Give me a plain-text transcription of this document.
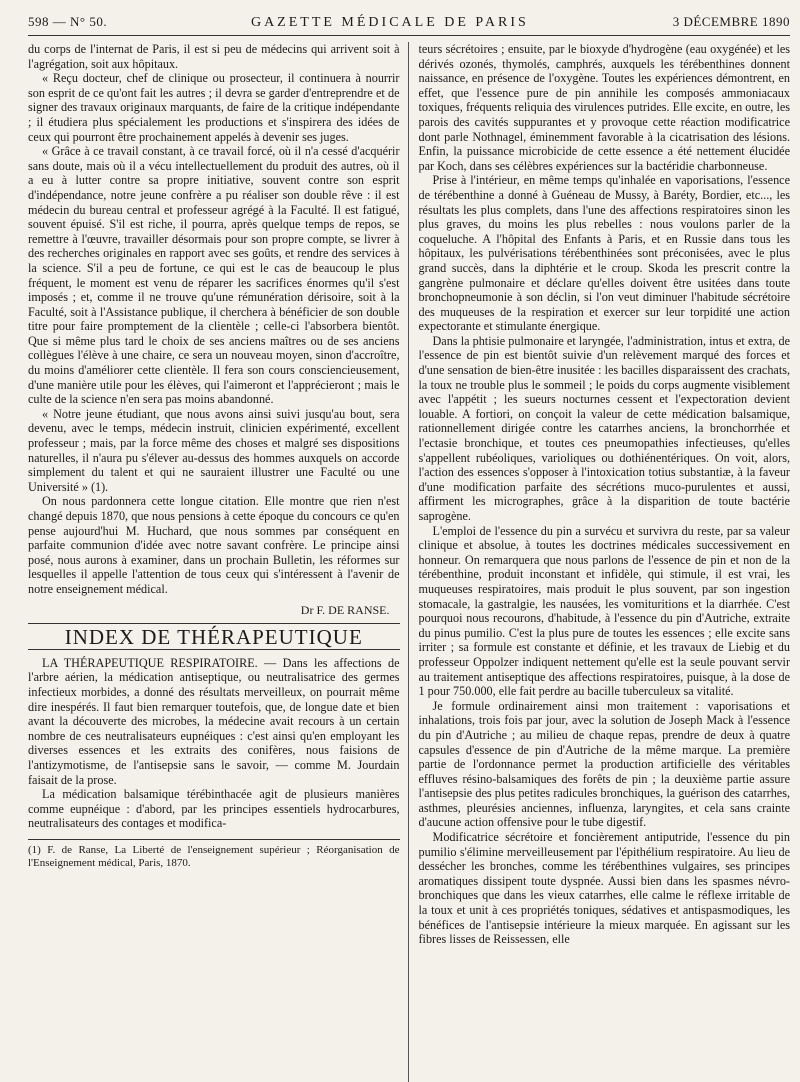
598 — N° 50.	GAZETTE MÉDICALE DE PARIS	3 DÉCEMBRE 1890

du corps de l'internat de Paris, il est si peu de médecins qui arrivent soit à l'agrégation, soit aux hôpitaux.

« Reçu docteur, chef de clinique ou prosecteur, il continuera à nourrir son esprit de ce qu'ont fait les autres ; il devra se garder d'entreprendre et de signer des travaux originaux marquants, de faire de la critique indépendante ; il étudiera plus spécialement les productions et s'inspirera des idées de ceux qui pourront être prochainement appelés à devenir ses juges.

« Grâce à ce travail constant, à ce travail forcé, où il n'a cessé d'acquérir sans doute, mais où il a vécu intellectuellement du produit des autres, où il a eu à lutter contre sa propre initiative, souvent contre son esprit d'indépendance, notre jeune confrère a pu réaliser son double rêve : il est médecin du bureau central et professeur agrégé à la Faculté. Il est fatigué, souvent épuisé. S'il est riche, il pourra, après quelque temps de repos, se remettre à l'œuvre, travailler désormais pour son propre compte, se livrer à des recherches originales en rapport avec ses goûts, et rendre des services à la science. S'il a peu de fortune, ce qui est le cas de beaucoup le plus fréquent, le moment est venu de réparer les sacrifices énormes qu'il s'est imposés ; et, comme il ne trouve qu'une rémunération dérisoire, soit à la Faculté, soit à l'Assistance publique, il cherchera à bénéficier de son double titre pour faire promptement de la clientèle ; celle-ci l'absorbera bientôt. Que si même plus tard le choix de ses anciens maîtres ou de ses anciens collègues l'élève à une chaire, ce sera un nouveau moyen, sinon d'accroître, du moins d'améliorer cette clientèle. Il fera son cours consciencieusement, d'une manière utile pour les élèves, qui l'aimeront et l'apprécieront ; mais le culte de la science n'en sera pas moins abandonné.

« Notre jeune étudiant, que nous avons ainsi suivi jusqu'au bout, sera devenu, avec le temps, médecin instruit, clinicien expérimenté, excellent professeur ; mais, par la force même des choses et malgré ses dispositions naturelles, il n'aura pu s'élever au-dessus des hommes auxquels on accorde simplement du talent et qui ne sauraient illustrer une Faculté ou une Université » (1).

On nous pardonnera cette longue citation. Elle montre que rien n'est changé depuis 1870, que nous pensions à cette époque du concours ce qu'en pense aujourd'hui M. Huchard, que nous sommes par conséquent en parfaite communion d'idée avec notre savant confrère. Le principe ainsi posé, nous aurons à examiner, dans un prochain Bulletin, les réformes sur lesquelles il appelle l'attention de tous ceux qui s'intéressent à l'avenir de notre enseignement médical.

Dr F. DE RANSE.
INDEX DE THÉRAPEUTIQUE

LA THÉRAPEUTIQUE RESPIRATOIRE. — Dans les affections de l'arbre aérien, la médication antiseptique, ou neutralisatrice des germes infectieux morbides, a donné des résultats merveilleux, on pourrait même dire inespérés. Il faut bien remarquer toutefois, que, de longue date et bien avant la découverte des microbes, la médecine avait recours à un certain nombre de ces neutralisateurs eupnéiques : c'est ainsi qu'en employant les diverses essences et les extraits des conifères, nous faisions de l'antizymotisme, de l'antisepsie sans le savoir, — comme M. Jourdain faisait de la prose.

La médication balsamique térébinthacée agit de plusieurs manières comme eupnéique : d'abord, par les principes essentiels hydrocarbures, neutralisateurs des contages et modifica-

(1) F. de Ranse, La Liberté de l'enseignement supérieur ; Réorganisation de l'Enseignement médical, Paris, 1870.

teurs sécrétoires ; ensuite, par le bioxyde d'hydrogène (eau oxygénée) et les dérivés ozonés, thymolés, camphrés, auxquels les térébenthines donnent naissance, en présence de l'oxygène. Toutes les expériences démontrent, en effet, que l'essence pure de pin annihile les composés ammoniacaux toxiques, fréquents reliquia des virulences putrides. Elle excite, en outre, les parois des cavités suppurantes et y provoque cette réaction modificatrice dont parle Nothnagel, éminemment favorable à la cicatrisation des lésions. Enfin, la puissance microbicide de cette essence a été nettement élucidée par Koch, dans ses célèbres expériences sur la bactéridie charbonneuse.

Prise à l'intérieur, en même temps qu'inhalée en vaporisations, l'essence de térébenthine a donné à Guéneau de Mussy, à Baréty, Bordier, etc..., les résultats les plus complets, dans l'une des affections respiratoires sinon les plus graves, du moins les plus rebelles : nous voulons parler de la coqueluche. A l'hôpital des Enfants à Paris, et en Russie dans tous les hôpitaux, les pulvérisations térébenthinées sont préconisées, avec le plus grand succès, dans la diphtérie et le croup. Skoda les prescrit contre la gangrène pulmonaire et déclare qu'elles doivent être usitées dans toute bronchopneumonie à son déclin, si l'on veut diminuer l'habitude sécrétoire des muqueuses de la respiration et exercer sur leur torpidité une action expectorante et stimulante énergique.

Dans la phtisie pulmonaire et laryngée, l'administration, intus et extra, de l'essence de pin est bientôt suivie d'un relèvement marqué des forces et d'une sensation de bien-être inusitée : les bacilles disparaissent des crachats, la toux ne trouble plus le sommeil ; le poids du corps augmente visiblement avec l'appétit ; les sueurs nocturnes cessent et l'expectoration devient louable. A fortiori, on conçoit la valeur de cette médication balsamique, rationnellement dirigée contre les catarrhes anciens, la bronchorrhée et l'ectasie bronchique, et toutes ces pneumopathies infectieuses, qu'elles s'appellent rubéoliques, varioliques ou dothiénentériques. On voit, alors, l'action des essences s'opposer à l'intoxication totius substantiæ, à la faveur d'une modification parfaite des sécrétions muco-purulentes et aussi, affirment les micrographes, grâce à la disparition de toute bactérie saprogène.

L'emploi de l'essence du pin a survécu et survivra du reste, par sa valeur clinique et absolue, à toutes les doctrines médicales successivement en honneur. On remarquera que nous parlons de l'essence de pin et non de la térébenthine, produit inconstant et infidèle, qui stimule, il est vrai, les muqueuses respiratoires, mais produit le plus souvent, par son ingestion stomacale, la gastralgie, les nausées, les vomituritions et la diarrhée. C'est pourquoi nous recourons, d'habitude, à l'essence du pin d'Autriche, extraite du pinus pumilio. C'est la plus pure de toutes les essences ; elle excite sans irriter ; sa formule est constante et définie, et les travaux de Liebig et du professeur Oppolzer indiquent nettement qu'elle est la seule pouvant servir au traitement antiseptique des affections respiratoires, puisque, à la dose de 1 pour 750.000, elle fait perdre au bacille tuberculeux sa vitalité.

Je formule ordinairement ainsi mon traitement : vaporisations et inhalations, trois fois par jour, avec la solution de Joseph Mack à l'essence du pin d'Autriche ; au milieu de chaque repas, prendre de deux à quatre capsules d'essence de pin d'Autriche de la même marque. La première partie de l'ordonnance permet la production artificielle des véritables effluves résino-balsamiques des forêts de pin ; la deuxième partie assure l'antisepsie des plus petites radicules bronchiques, la guérison des catarrhes, asthmes, pleurésies anciennes, influenza, laryngites, et cela sans crainte d'aucune action offensive pour le tube digestif.

Modificatrice sécrétoire et foncièrement antiputride, l'essence du pin pumilio s'élimine merveilleusement par l'épithélium respiratoire. Au lieu de dessécher les bronches, comme les térébenthines vulgaires, ses principes aromatiques dissipent toute dyspnée. Aussi bien dans les spasmes névro-bronchiques que dans les vieux catarrhes, elle calme le réflexe irritable de la toux et unit à ces propriétés toniques, sédatives et antispasmodiques, les bénéfices de l'antisepsie intérieure la mieux marquée. En agissant sur les fibres lisses de Reissessen, elle
